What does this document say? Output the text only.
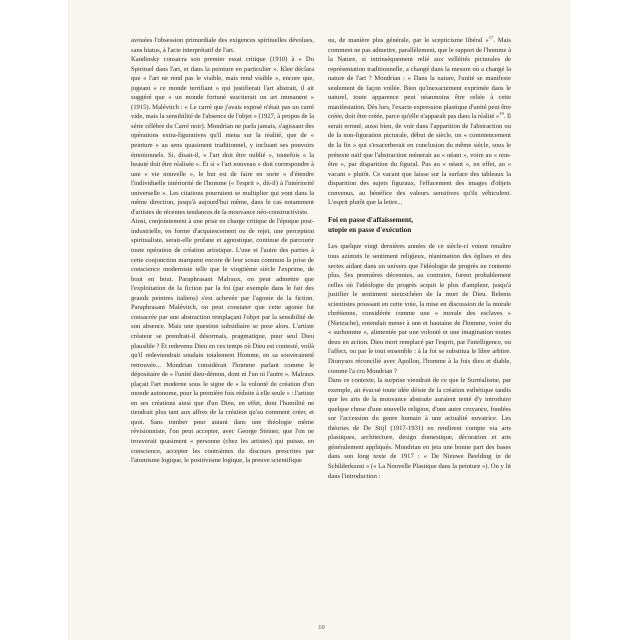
avouées l'obsession primordiale des exigences spirituelles dévolues, sans hiatus, à l'acte interprétatif de l'art.

Kandinsky consacra son premier essai critique (1910) à « Du Spirituel dans l'art, et dans la peinture en particulier ». Klee déclara que « l'art ne rend pas le visible, mais rend visible », encore que, jugeant « ce monde terrifiant » qui justifierait l'art abstrait, il ait suggéré que « un monde fortuné susciterait un art immanent » (1915). Malévitch : « Le carré que j'avais exposé n'était pas un carré vide, mais la sensibilité de l'absence de l'objet » (1927, à propos de la série célèbre du Carré noir). Mondrian ne parla jamais, s'agissant des opérations extra-figuratives qu'il mena sur la réalité, que de « peinture » au sens quasiment traditionnel, y incluant ses pouvoirs émotionnels. Si, disait-il, « l'art doit être oublié », toutefois « la beauté doit être réalisée ». Et si « l'art nouveau » doit correspondre à une « vie nouvelle », le but est de faire en sorte « d'étendre l'individuelle intériorité de l'homme (« l'esprit », dit-il) à l'intériorité universelle ». Les citations pourraient se multiplier qui vont dans la même direction, jusqu'à aujourd'hui même, dans le cas notamment d'artistes de récentes tendances de la mouvance néo-constructiviste.

Ainsi, conjointement à une prise en charge critique de l'époque post-industrielle, en forme d'acquiescement ou de rejet, une perception spiritualiste, serait-elle profane et agnostique, continue de parcourir toute opération de création artistique. L'une et l'autre des parties à cette conjonction marquent encore de leur sceau commun la prise de conscience moderniste telle que le vingtième siècle l'exprime, de bout en bout. Paraphrasant Malraux, on peut admettre que l'exploitation de la fiction par la foi (par exemple dans le fait des grands peintres italiens) s'est achevée par l'agonie de la fiction. Paraphrasant Malévitch, on peut constater que cette agonie fut consacrée par une abstraction remplaçant l'objet par la sensibilité de son absence. Mais une question subsidiaire se pose alors. L'artiste créateur se prendrait-il désormais, pragmatique, pour seul Dieu plausible ? Et redevenu Dieu en ces temps où Dieu est contesté, voilà qu'il redeviendrait soudain totalement Homme, en sa souveraineté retrouvée... Mondrian considérait l'homme parlant comme le dépositaire de « l'unité dieu-démon, dont ni l'un ni l'autre ». Malraux plaçait l'art moderne sous le signe de « la volonté de création d'un monde autonome, pour la première fois réduite à elle seule » : l'artiste en ses créations ainsi que d'un Dieu, en effet, dont l'humilité ne tiendrait plus tant aux affres de la création qu'au comment créer, et quoi. Sans tomber pour autant dans une théologie même révisionniste, l'on peut accepter, avec George Steiner, que l'on ne trouverait quasiment « personne (chez les artistes) qui puisse, en conscience, accepter les contraintes du discours prescrites par l'atomisme logique, le positivisme logique, la preuve scientifique

ou, de manière plus générale, par le scepticisme libéral »$^{17}$. Mais comment ne pas admettre, parallèlement, que le rapport de l'homme à la Nature, si intrinsèquement relié aux velléités picturales de représentation traditionnelle, a changé dans la mesure où a changé la nature de l'art ? Mondrian : « Dans la nature, l'unité se manifeste seulement de façon voilée. Bien qu'inexactement exprimée dans le naturel, toute apparence peut néanmoins être reliée à cette manifestation. Dès lors, l'exacte expression plastique d'unité peut être créée, doit être créée, parce qu'elle n'apparaît pas dans la réalité »$^{19}$. Il serait erroné, aussi bien, de voir dans l'apparition de l'abstraction ou de la non-figuration picturale, début de siècle, un « commencement de la fin » qui s'exacerberait en conclusion du même siècle, sous le prétexte naïf que l'abstraction mènerait au « néant », voire au « non-être », par disparition du figural. Pas au « néant », en effet, au « vacant » plutôt. Ce vacant que laisse sur la surface des tableaux la disparition des sujets figuraux, l'effacement des images d'objets convenus, au bénéfice des valeurs sensitives qu'ils véhiculent. L'esprit plutôt que la lettre...

Foi en passe d'affaissement,
utopie en passe d'exécution

Les quelque vingt dernières années de ce siècle-ci voient renaître tous azimuts le sentiment religieux, réanimation des églises et des sectes aidant dans un univers que l'idéologie de progrès ne contente plus. Ses premières décennies, au contraire, furent probablement celles où l'idéologie du progrès acquit le plus d'ampleur, jusqu'à justifier le sentiment nietzschéen de la mort de Dieu. Relents scientistes poussant en cette voie, la mise en discussion de la morale chrétienne, considérée comme une « morale des esclaves » (Nietzsche), entendait mener à une et hautaine de l'homme, voire du « surhomme », alimentée par une volonté et une imagination toutes deux en action. Dieu mort remplacé par l'esprit, par l'intelligence, ou l'affect, ou par le tout ensemble : à la foi se substitua le libre arbitre. Dionysos réconcilié avec Apollon, l'homme à la fois dieu et diable, comme l'a cru Mondrian ?

Dans ce contexte, la surprise viendrait de ce que le Surréalisme, par exemple, ait évacué toute idée déiste de la création esthétique tandis que les arts de la mouvance abstraite auraient tenté d'y introduire quelque chose d'une nouvelle religion, d'une autre croyance, fondées sur l'accession du genre humain à une actualité novatrice. Les théories de De Stijl (1917-1931) en rendirent compte via arts plastiques, architecture, design domestique, décoration et arts généralement appliqués. Mondrian en jeta une bonne part des bases dans son long texte de 1917 : « De Nieuwe Beelding in de Schilderkunst » (« La Nouvelle Plastique dans la peinture »). On y lit dans l'introduction :

10
